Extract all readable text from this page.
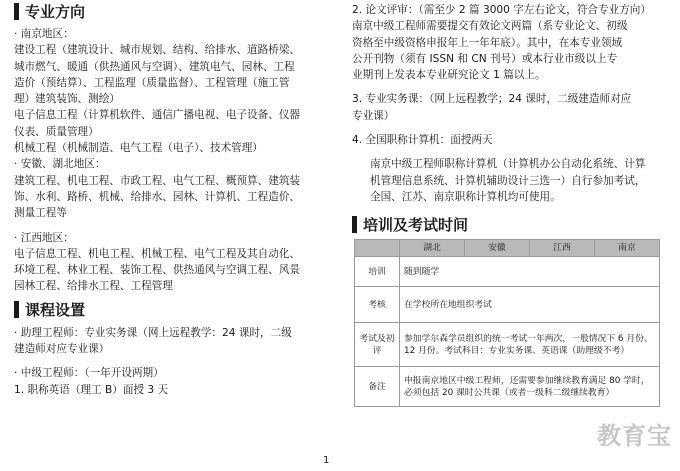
专业方向

· 南京地区：

建设工程（建筑设计、城市规划、结构、给排水、道路桥梁、
城市燃气、暖通（供热通风与空调）、建筑电气、园林、工程
造价（预结算）、工程监理（质量监督）、工程管理（施工管
理）建筑装饰、测绘）
电子信息工程（计算机软件、通信广播电视、电子设备、仪器
仪表、质量管理）
机械工程（机械制造、电气工程（电子）、技术管理）

· 安徽、湖北地区：

建筑工程、机电工程、市政工程、电气工程、概预算、建筑装
饰、水利、路桥、机械、给排水、园林、计算机、工程造价、
测量工程等

· 江西地区：

电子信息工程、机电工程、机械工程、电气工程及其自动化、
环境工程、林业工程、装饰工程、供热通风与空调工程、风景
园林工程、给排水工程、工程管理

课程设置

· 助理工程师：专业实务课（网上远程教学：24 课时，二级
建造师对应专业课）

· 中级工程师：（一年开设两期）

1. 职称英语（理工 B）面授 3 天

2. 论文评审：（需至少 2 篇 3000 字左右论文，符合专业方向）
南京中级工程师需要提交有效论文两篇（系专业论文、初级
资格至中级资格申报年上一年年底）。其中，在本专业领域
公开刊物（须有 ISSN 和 CN 刊号）或本行业市级以上专
业期刊上发表本专业研究论文 1 篇以上。

3. 专业实务课：（网上远程教学；24 课时，二级建造师对应
专业课）

4. 全国职称计算机：面授两天

南京中级工程师职称计算机（计算机办公自动化系统、计算
机管理信息系统、计算机辅助设计三选一）自行参加考试，
全国、江苏、南京职称计算机均可使用。

培训及考试时间
	湖北	安徽	江西	南京
培训	随到随学			
考核	在学校所在地组织考试			
考试及初评	参加学尔森学员组织的统一考试一年两次，一般情况下 6 月份、12 月份。考试科目：专业实务课、英语课（助理级不考）			
备注	申报南京地区中级工程师，还需要参加继续教育满足 80 学时，必须包括 20 课时公共课（或者一级科二级继续教育）			
1
教育宝
